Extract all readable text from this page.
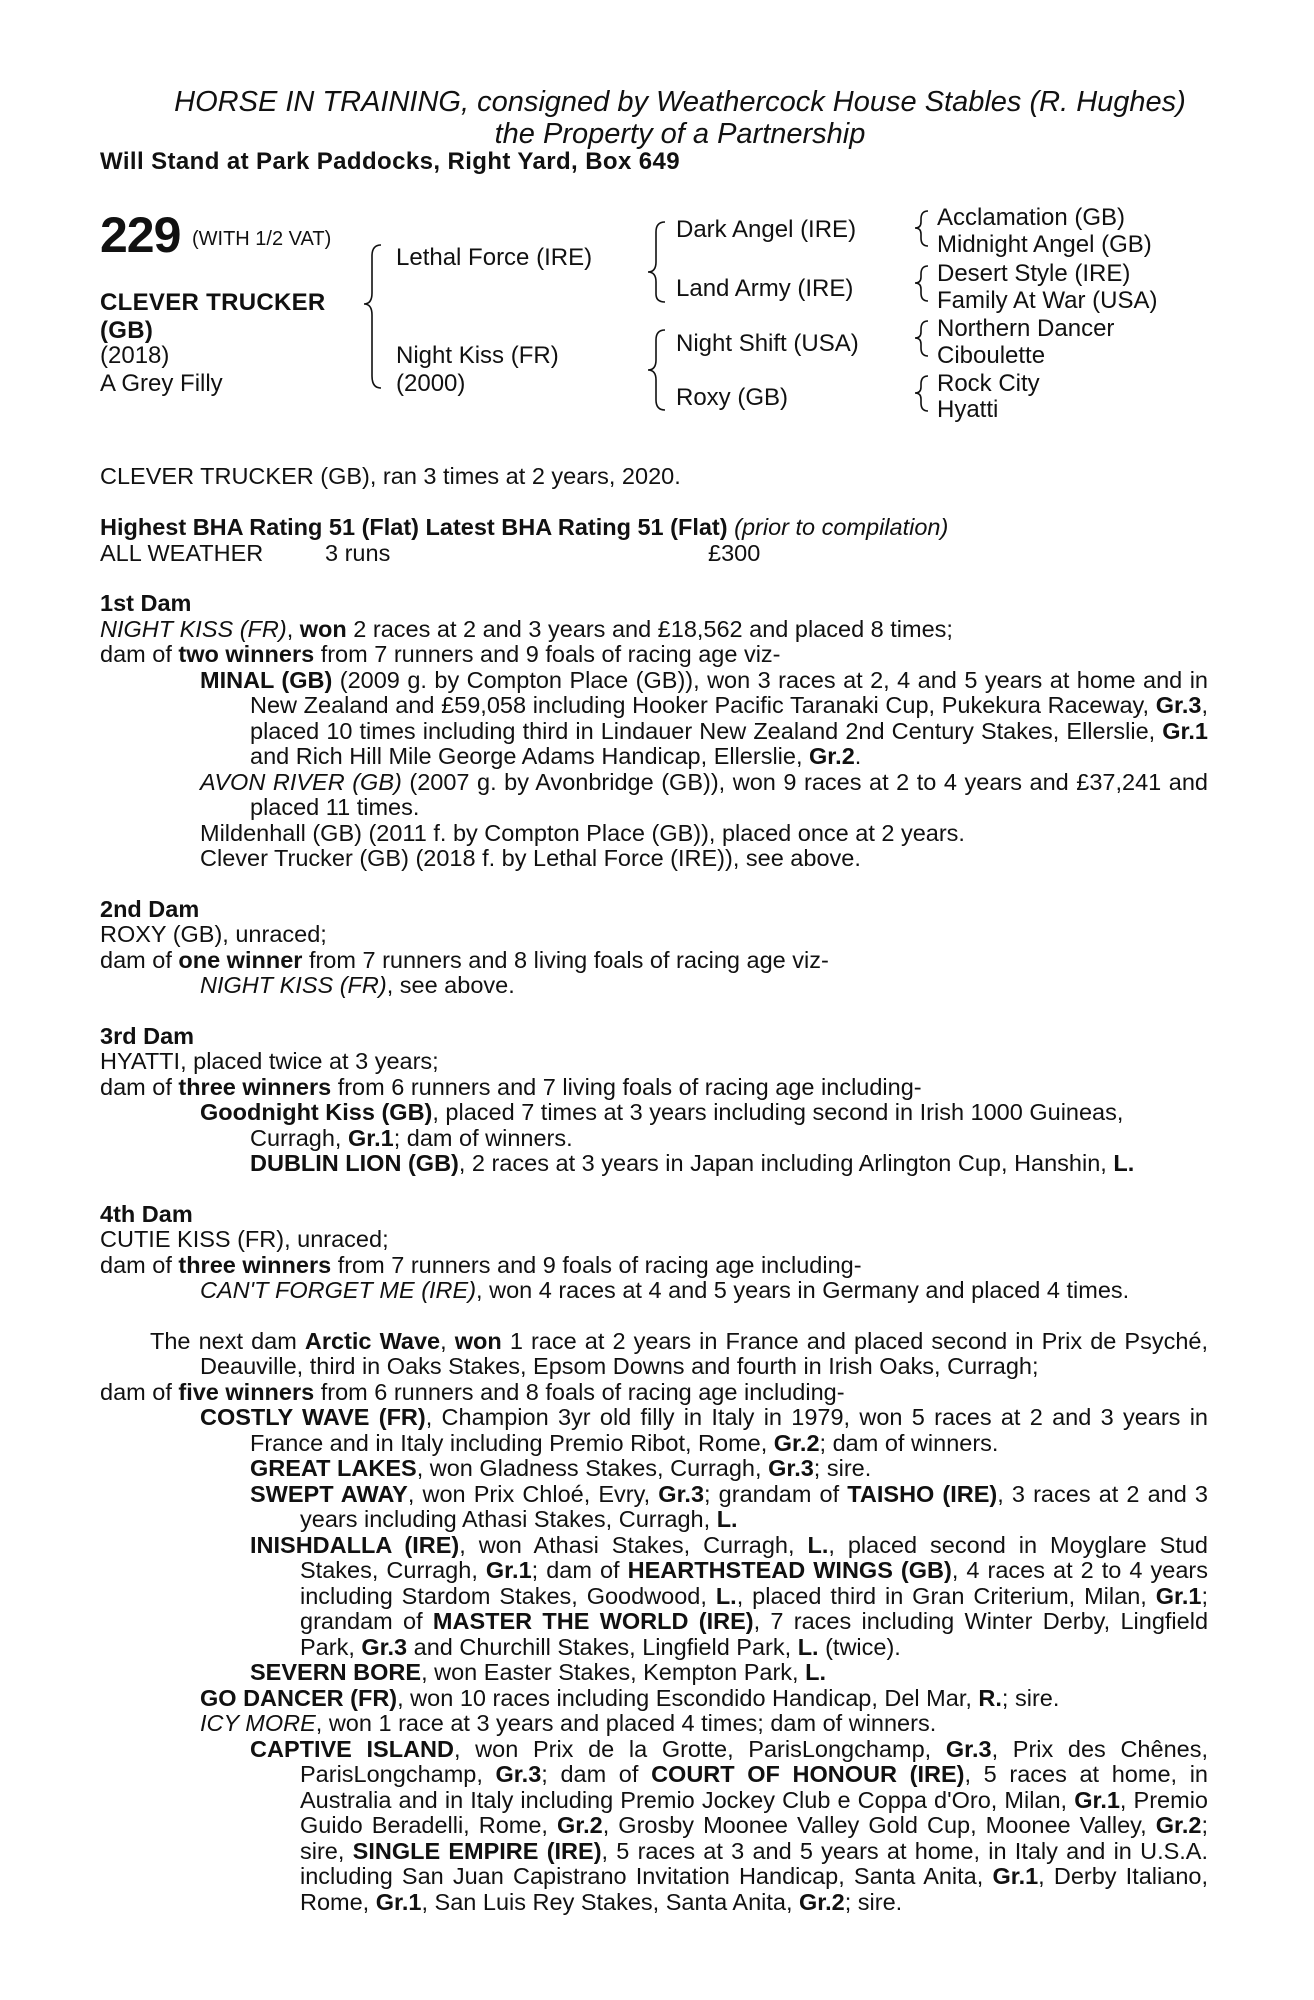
HORSE IN TRAINING, consigned by Weathercock House Stables (R. Hughes)
the Property of a Partnership
Will Stand at Park Paddocks, Right Yard, Box 649
229 (WITH 1/2 VAT)
CLEVER TRUCKER
(GB)
(2018)
A Grey Filly
Lethal Force (IRE)
Night Kiss (FR)
(2000)
Dark Angel (IRE)
Land Army (IRE)
Night Shift (USA)
Roxy (GB)
Acclamation (GB)
Midnight Angel (GB)
Desert Style (IRE)
Family At War (USA)
Northern Dancer
Ciboulette
Rock City
Hyatti

CLEVER TRUCKER (GB), ran 3 times at 2 years, 2020.

Highest BHA Rating 51 (Flat) Latest BHA Rating 51 (Flat) (prior to compilation)

ALL WEATHER	3 runs	£300

1st Dam

NIGHT KISS (FR), won 2 races at 2 and 3 years and £18,562 and placed 8 times;

dam of two winners from 7 runners and 9 foals of racing age viz-

MINAL (GB) (2009 g. by Compton Place (GB)), won 3 races at 2, 4 and 5 years at home and in New Zealand and £59,058 including Hooker Pacific Taranaki Cup, Pukekura Raceway, Gr.3, placed 10 times including third in Lindauer New Zealand 2nd Century Stakes, Ellerslie, Gr.1 and Rich Hill Mile George Adams Handicap, Ellerslie, Gr.2.

AVON RIVER (GB) (2007 g. by Avonbridge (GB)), won 9 races at 2 to 4 years and £37,241 and placed 11 times.

Mildenhall (GB) (2011 f. by Compton Place (GB)), placed once at 2 years.

Clever Trucker (GB) (2018 f. by Lethal Force (IRE)), see above.

2nd Dam

ROXY (GB), unraced;

dam of one winner from 7 runners and 8 living foals of racing age viz-

NIGHT KISS (FR), see above.

3rd Dam

HYATTI, placed twice at 3 years;

dam of three winners from 6 runners and 7 living foals of racing age including-

Goodnight Kiss (GB), placed 7 times at 3 years including second in Irish 1000 Guineas, Curragh, Gr.1; dam of winners.

DUBLIN LION (GB), 2 races at 3 years in Japan including Arlington Cup, Hanshin, L.

4th Dam

CUTIE KISS (FR), unraced;

dam of three winners from 7 runners and 9 foals of racing age including-

CAN'T FORGET ME (IRE), won 4 races at 4 and 5 years in Germany and placed 4 times.

The next dam Arctic Wave, won 1 race at 2 years in France and placed second in Prix de Psyché, Deauville, third in Oaks Stakes, Epsom Downs and fourth in Irish Oaks, Curragh;

dam of five winners from 6 runners and 8 foals of racing age including-

COSTLY WAVE (FR), Champion 3yr old filly in Italy in 1979, won 5 races at 2 and 3 years in France and in Italy including Premio Ribot, Rome, Gr.2; dam of winners.

GREAT LAKES, won Gladness Stakes, Curragh, Gr.3; sire.

SWEPT AWAY, won Prix Chloé, Evry, Gr.3; grandam of TAISHO (IRE), 3 races at 2 and 3 years including Athasi Stakes, Curragh, L.

INISHDALLA (IRE), won Athasi Stakes, Curragh, L., placed second in Moyglare Stud Stakes, Curragh, Gr.1; dam of HEARTHSTEAD WINGS (GB), 4 races at 2 to 4 years including Stardom Stakes, Goodwood, L., placed third in Gran Criterium, Milan, Gr.1; grandam of MASTER THE WORLD (IRE), 7 races including Winter Derby, Lingfield Park, Gr.3 and Churchill Stakes, Lingfield Park, L. (twice).

SEVERN BORE, won Easter Stakes, Kempton Park, L.

GO DANCER (FR), won 10 races including Escondido Handicap, Del Mar, R.; sire.

ICY MORE, won 1 race at 3 years and placed 4 times; dam of winners.

CAPTIVE ISLAND, won Prix de la Grotte, ParisLongchamp, Gr.3, Prix des Chênes, ParisLongchamp, Gr.3; dam of COURT OF HONOUR (IRE), 5 races at home, in Australia and in Italy including Premio Jockey Club e Coppa d'Oro, Milan, Gr.1, Premio Guido Beradelli, Rome, Gr.2, Grosby Moonee Valley Gold Cup, Moonee Valley, Gr.2; sire, SINGLE EMPIRE (IRE), 5 races at 3 and 5 years at home, in Italy and in U.S.A. including San Juan Capistrano Invitation Handicap, Santa Anita, Gr.1, Derby Italiano, Rome, Gr.1, San Luis Rey Stakes, Santa Anita, Gr.2; sire.
